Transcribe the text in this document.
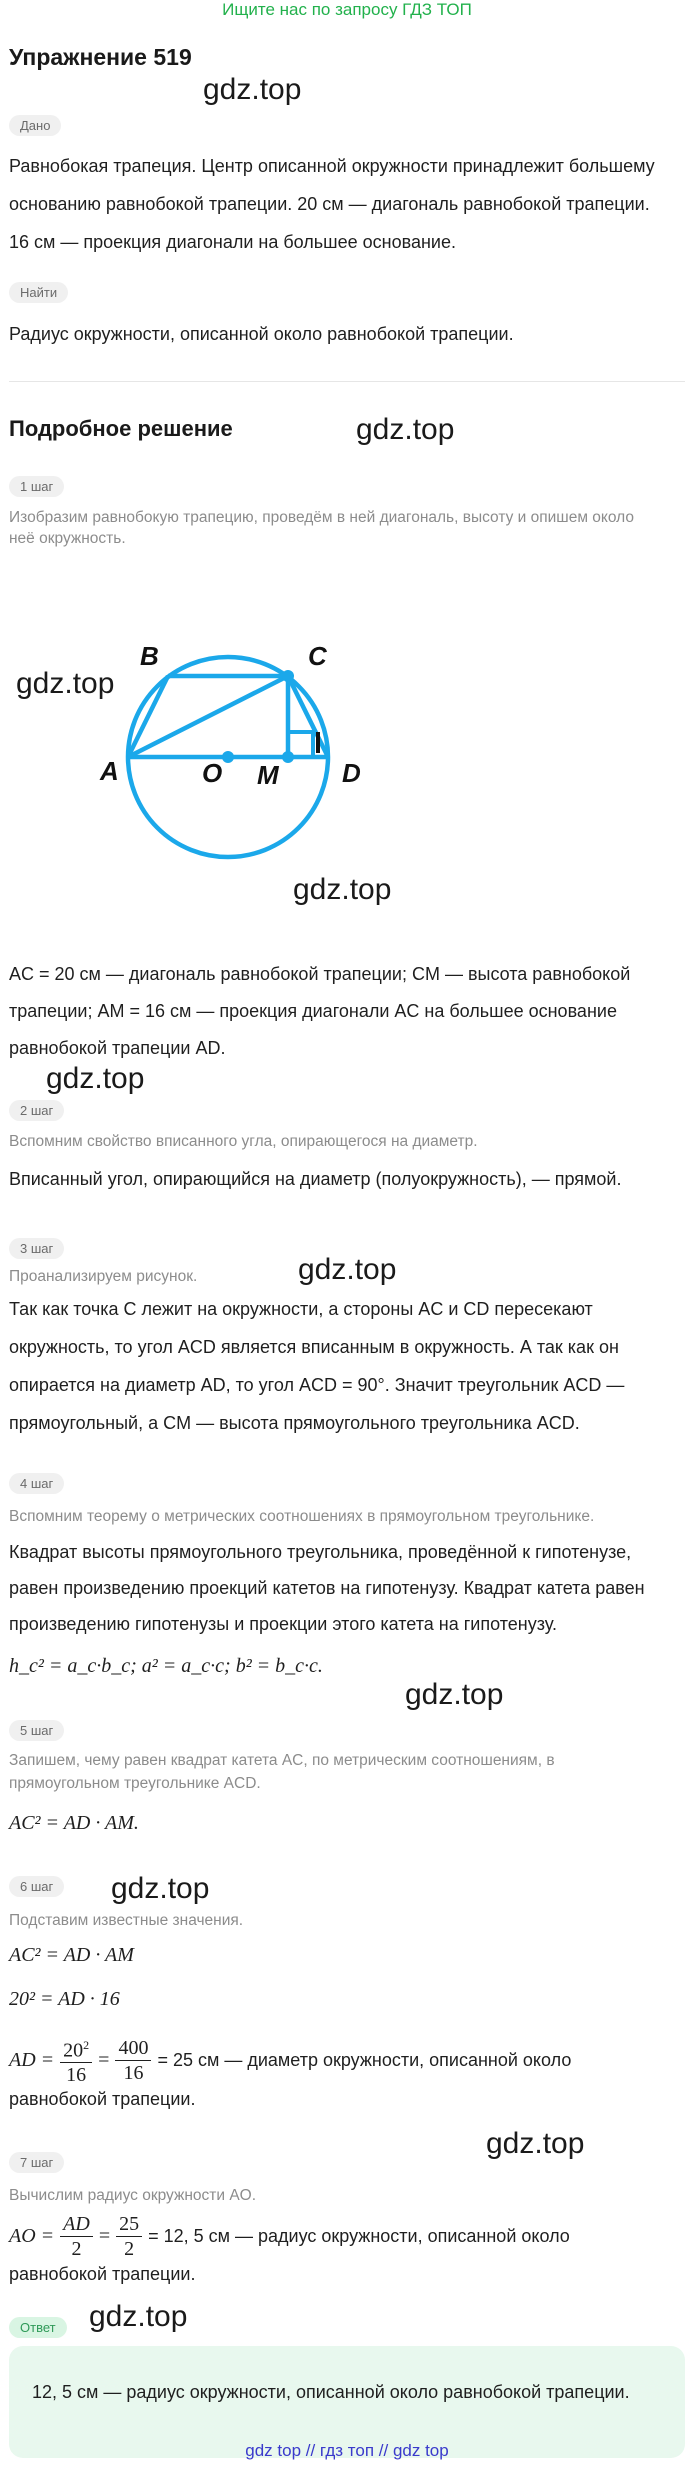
Ищите нас по запросу ГДЗ ТОП
Упражнение 519
gdz.top
Дано
Равнобокая трапеция. Центр описанной окружности принадлежит большему
основанию равнобокой трапеции. 20 см — диагональ равнобокой трапеции.
16 см — проекция диагонали на большее основание.
Найти
Радиус окружности, описанной около равнобокой трапеции.
Подробное решение	gdz.top
1 шаг
Изобразим равнобокую трапецию, проведём в ней диагональ, высоту и опишем около
неё окружность.
B	C
A	O M D
gdz.top
gdz.top
AC = 20 см — диагональ равнобокой трапеции; CM — высота равнобокой
трапеции; AM = 16 см — проекция диагонали AC на большее основание
равнобокой трапеции AD.
gdz.top
2 шаг
Вспомним свойство вписанного угла, опирающегося на диаметр.
Вписанный угол, опирающийся на диаметр (полуокружность), — прямой.
3 шаг
Проанализируем рисунок.	gdz.top
Так как точка C лежит на окружности, а стороны AC и CD пересекают
окружность, то угол ACD является вписанным в окружность. А так как он
опирается на диаметр AD, то угол ACD = 90°. Значит треугольник ACD —
прямоугольный, а CM — высота прямоугольного треугольника ACD.
4 шаг
Вспомним теорему о метрических соотношениях в прямоугольном треугольнике.
Квадрат высоты прямоугольного треугольника, проведённой к гипотенузе,
равен произведению проекций катетов на гипотенузу. Квадрат катета равен
произведению гипотенузы и проекции этого катета на гипотенузу.
h_c² = a_c·b_c; a² = a_c·c; b² = b_c·c.
gdz.top
5 шаг
Запишем, чему равен квадрат катета AC, по метрическим соотношениям, в
прямоугольном треугольнике ACD.
AC² = AD · AM.
6 шаг	gdz.top
Подставим известные значения.
AC² = AD · AM
20² = AD · 16
AD = $\frac{20^2}{16} = \frac{400}{16} = 25$ см — диаметр окружности, описанной около
равнобокой трапеции.
gdz.top
7 шаг
Вычислим радиус окружности AO.
AO = $\frac{AD}{2} = \frac{25}{2} = 12$, 5 см — радиус окружности, описанной около
равнобокой трапеции.
Ответ	gdz.top
12, 5 см — радиус окружности, описанной около равнобокой трапеции.
gdz top // гдз топ // gdz top
